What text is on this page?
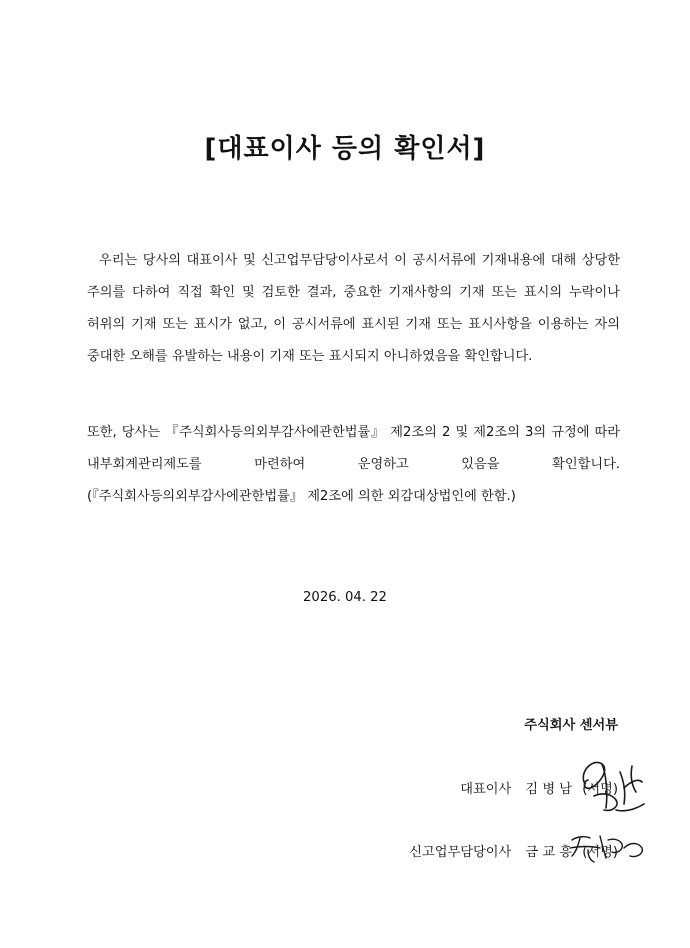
[대표이사 등의 확인서]

우리는 당사의 대표이사 및 신고업무담당이사로서 이 공시서류에 기재내용에 대해 상당한 주의를 다하여 직접 확인 및 검토한 결과, 중요한 기재사항의 기재 또는 표시의 누락이나 허위의 기재 또는 표시가 없고, 이 공시서류에 표시된 기재 또는 표시사항을 이용하는 자의 중대한 오해를 유발하는 내용이 기재 또는 표시되지 아니하였음을 확인합니다.

또한, 당사는 『주식회사등의외부감사에관한법률』 제2조의 2 및 제2조의 3의 규정에 따라 내부회계관리제도를 마련하여 운영하고 있음을 확인합니다. (『주식회사등의외부감사에관한법률』 제2조에 의한 외감대상법인에 한함.)

2026. 04. 22

주식회사 센서뷰

대표이사 김 병 남 (서명)

신고업무담당이사 금 교 흥 (서명)
